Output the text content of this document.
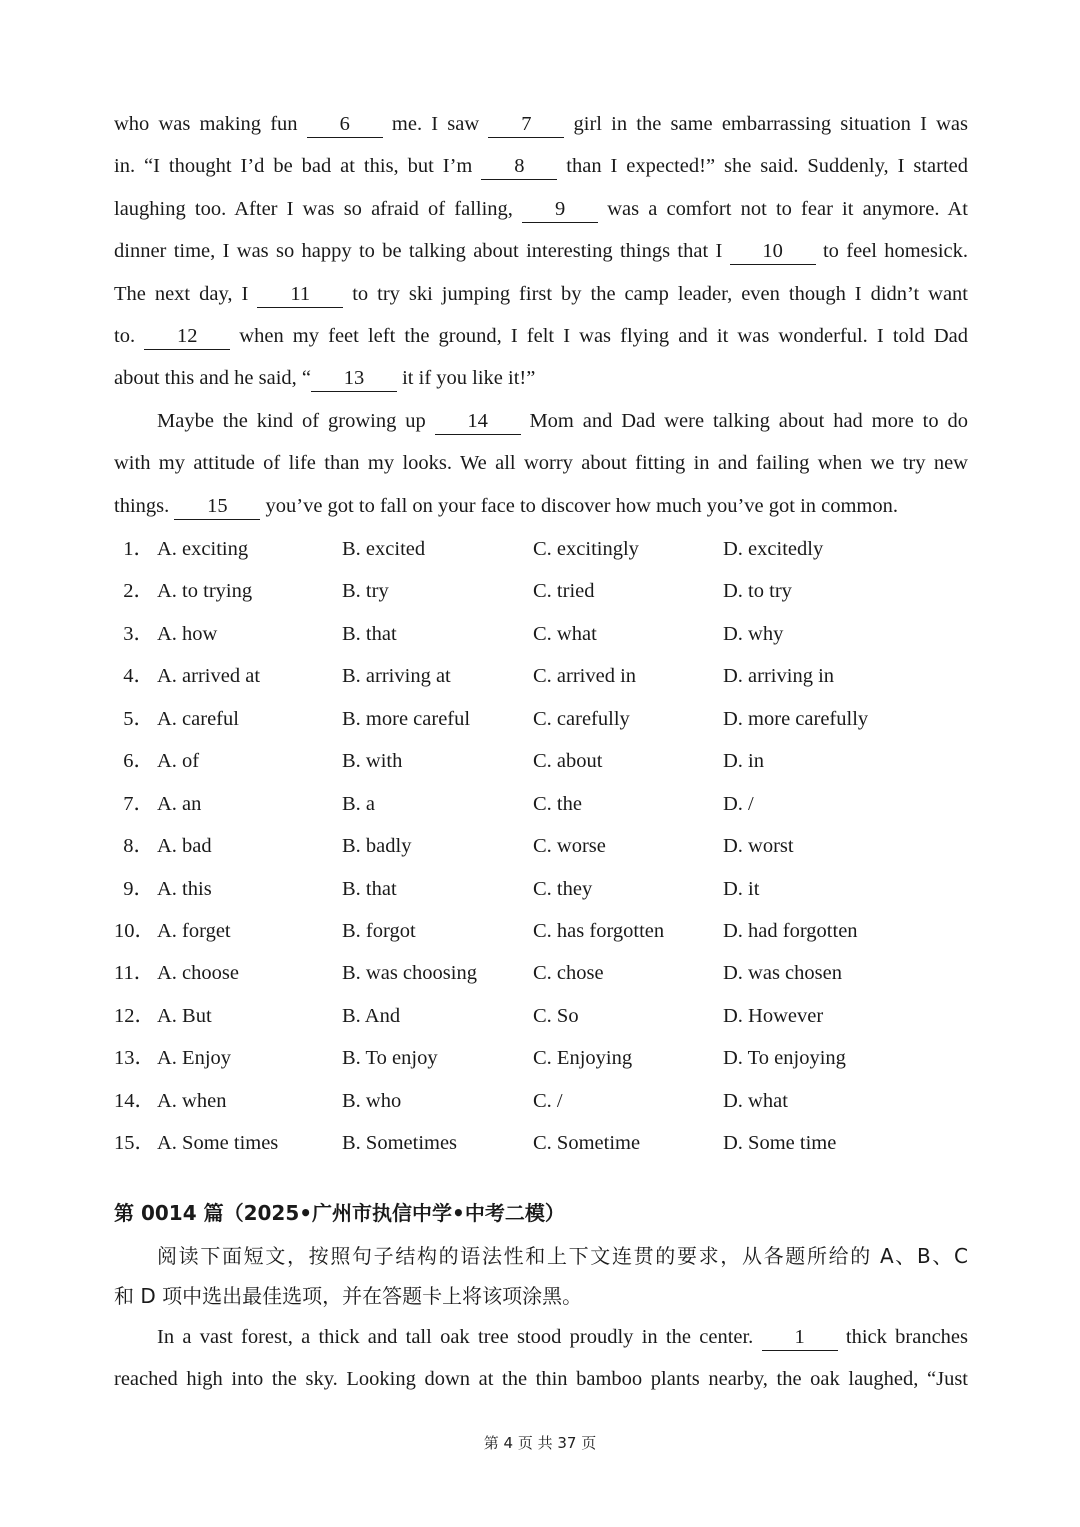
who was making fun 6 me. I saw 7 girl in the same embarrassing situation I was
in. “I thought I’d be bad at this, but I’m 8 than I expected!” she said. Suddenly, I started
laughing too. After I was so afraid of falling, 9 was a comfort not to fear it anymore. At
dinner time, I was so happy to be talking about interesting things that I 10 to feel homesick.
The next day, I 11 to try ski jumping first by the camp leader, even though I didn’t want
to. 12 when my feet left the ground, I felt I was flying and it was wonderful. I told Dad
about this and he said, “ 13 it if you like it!”
Maybe the kind of growing up 14 Mom and Dad were talking about had more to do
with my attitude of life than my looks. We all worry about fitting in and failing when we try new
things. 15 you’ve got to fall on your face to discover how much you’ve got in common.
1． A. exciting	B. excited	C. excitingly	D. excitedly
2． A. to trying	B. try	C. tried	D. to try
3． A. how	B. that	C. what	D. why
4． A. arrived at	B. arriving at	C. arrived in	D. arriving in
5． A. careful	B. more careful	C. carefully	D. more carefully
6． A. of	B. with	C. about	D. in
7． A. an	B. a	C. the	D. /
8． A. bad	B. badly	C. worse	D. worst
9． A. this	B. that	C. they	D. it
10． A. forget	B. forgot	C. has forgotten	D. had forgotten
11． A. choose	B. was choosing	C. chose	D. was chosen
12． A. But	B. And	C. So	D. However
13． A. Enjoy	B. To enjoy	C. Enjoying	D. To enjoying
14． A. when	B. who	C. /	D. what
15． A. Some times	B. Sometimes	C. Sometime	D. Some time
第 0014 篇（2025•广州市执信中学•中考二模）
阅读下面短文，按照句子结构的语法性和上下文连贯的要求，从各题所给的 A、B、C
和 D 项中选出最佳选项，并在答题卡上将该项涂黑。
In a vast forest, a thick and tall oak tree stood proudly in the center. 1 thick branches
reached high into the sky. Looking down at the thin bamboo plants nearby, the oak laughed, “Just
第 4 页 共 37 页
